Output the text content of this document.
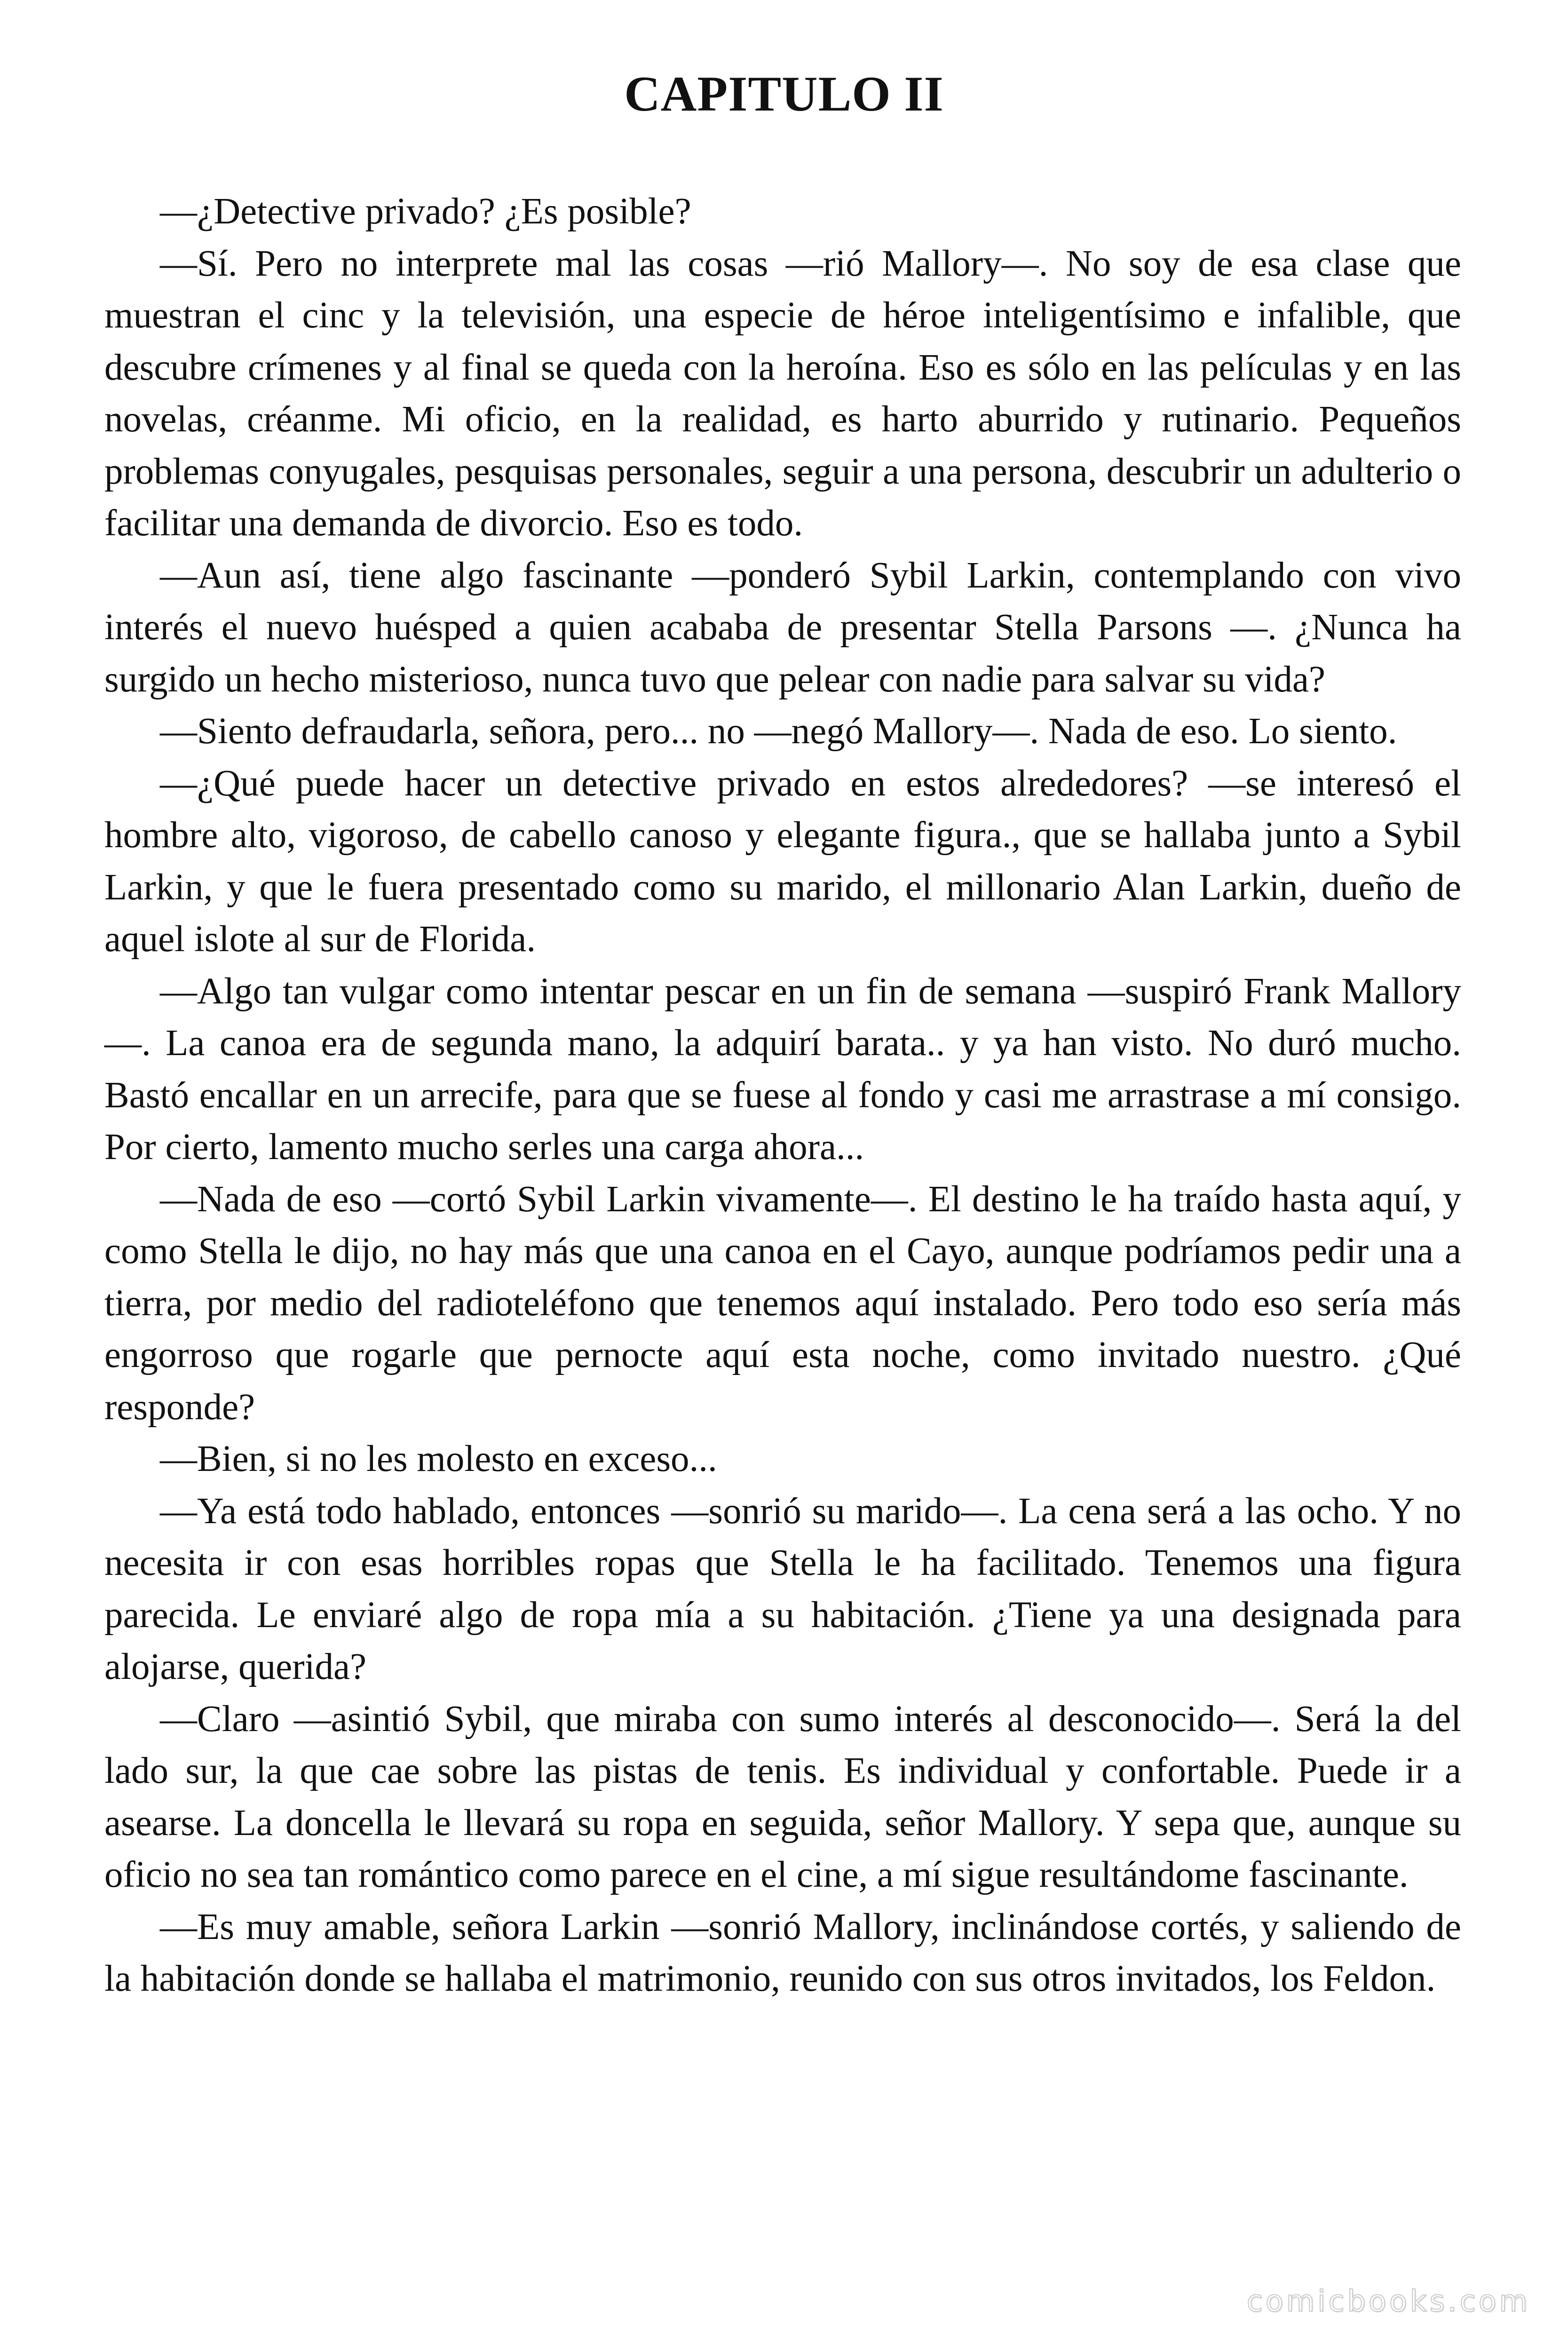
CAPITULO II

—¿Detective privado? ¿Es posible?

—Sí. Pero no interprete mal las cosas —rió Mallory—. No soy de esa clase que muestran el cinc y la televisión, una especie de héroe inteligentísimo e infalible, que descubre crímenes y al final se queda con la heroína. Eso es sólo en las películas y en las novelas, créanme. Mi oficio, en la realidad, es harto aburrido y rutinario. Pequeños problemas conyugales, pesquisas personales, seguir a una persona, descubrir un adulterio o facilitar una demanda de divorcio. Eso es todo.

—Aun así, tiene algo fascinante —ponderó Sybil Larkin, contemplando con vivo interés el nuevo huésped a quien acababa de presentar Stella Parsons —. ¿Nunca ha surgido un hecho misterioso, nunca tuvo que pelear con nadie para salvar su vida?

—Siento defraudarla, señora, pero... no —negó Mallory—. Nada de eso. Lo siento.

—¿Qué puede hacer un detective privado en estos alrededores? —se interesó el hombre alto, vigoroso, de cabello canoso y elegante figura., que se hallaba junto a Sybil Larkin, y que le fuera presentado como su marido, el millonario Alan Larkin, dueño de aquel islote al sur de Florida.

—Algo tan vulgar como intentar pescar en un fin de semana —suspiró Frank Mallory—. La canoa era de segunda mano, la adquirí barata.. y ya han visto. No duró mucho. Bastó encallar en un arrecife, para que se fuese al fondo y casi me arrastrase a mí consigo. Por cierto, lamento mucho serles una carga ahora...

—Nada de eso —cortó Sybil Larkin vivamente—. El destino le ha traído hasta aquí, y como Stella le dijo, no hay más que una canoa en el Cayo, aunque podríamos pedir una a tierra, por medio del radioteléfono que tenemos aquí instalado. Pero todo eso sería más engorroso que rogarle que pernocte aquí esta noche, como invitado nuestro. ¿Qué responde?

—Bien, si no les molesto en exceso...

—Ya está todo hablado, entonces —sonrió su marido—. La cena será a las ocho. Y no necesita ir con esas horribles ropas que Stella le ha facilitado. Tenemos una figura parecida. Le enviaré algo de ropa mía a su habitación. ¿Tiene ya una designada para alojarse, querida?

—Claro —asintió Sybil, que miraba con sumo interés al desconocido—. Será la del lado sur, la que cae sobre las pistas de tenis. Es individual y confortable. Puede ir a asearse. La doncella le llevará su ropa en seguida, señor Mallory. Y sepa que, aunque su oficio no sea tan romántico como parece en el cine, a mí sigue resultándome fascinante.

—Es muy amable, señora Larkin —sonrió Mallory, inclinándose cortés, y saliendo de la habitación donde se hallaba el matrimonio, reunido con sus otros invitados, los Feldon.

comicbooks.com
